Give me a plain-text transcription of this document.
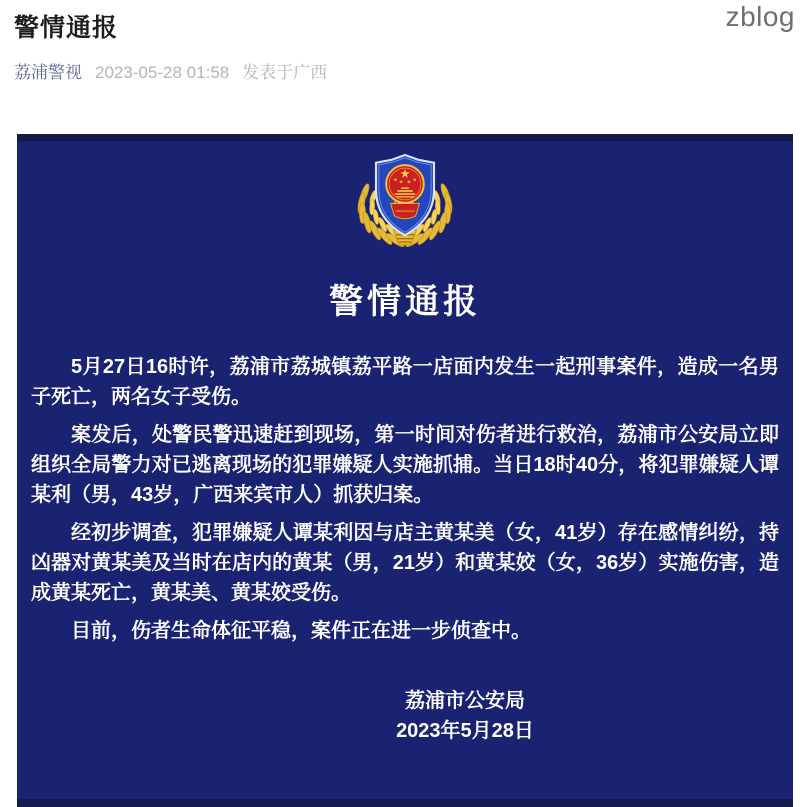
警情通报	zblog
荔浦警视 2023-05-28 01:58 发表于广西
警情通报

5月27日16时许，荔浦市荔城镇荔平路一店面内发生一起刑事案件，造成一名男子死亡，两名女子受伤。

案发后，处警民警迅速赶到现场，第一时间对伤者进行救治，荔浦市公安局立即组织全局警力对已逃离现场的犯罪嫌疑人实施抓捕。当日18时40分，将犯罪嫌疑人谭某利（男，43岁，广西来宾市人）抓获归案。

经初步调查，犯罪嫌疑人谭某利因与店主黄某美（女，41岁）存在感情纠纷，持凶器对黄某美及当时在店内的黄某（男，21岁）和黄某姣（女，36岁）实施伤害，造成黄某死亡，黄某美、黄某姣受伤。

目前，伤者生命体征平稳，案件正在进一步侦查中。

荔浦市公安局
2023年5月28日
